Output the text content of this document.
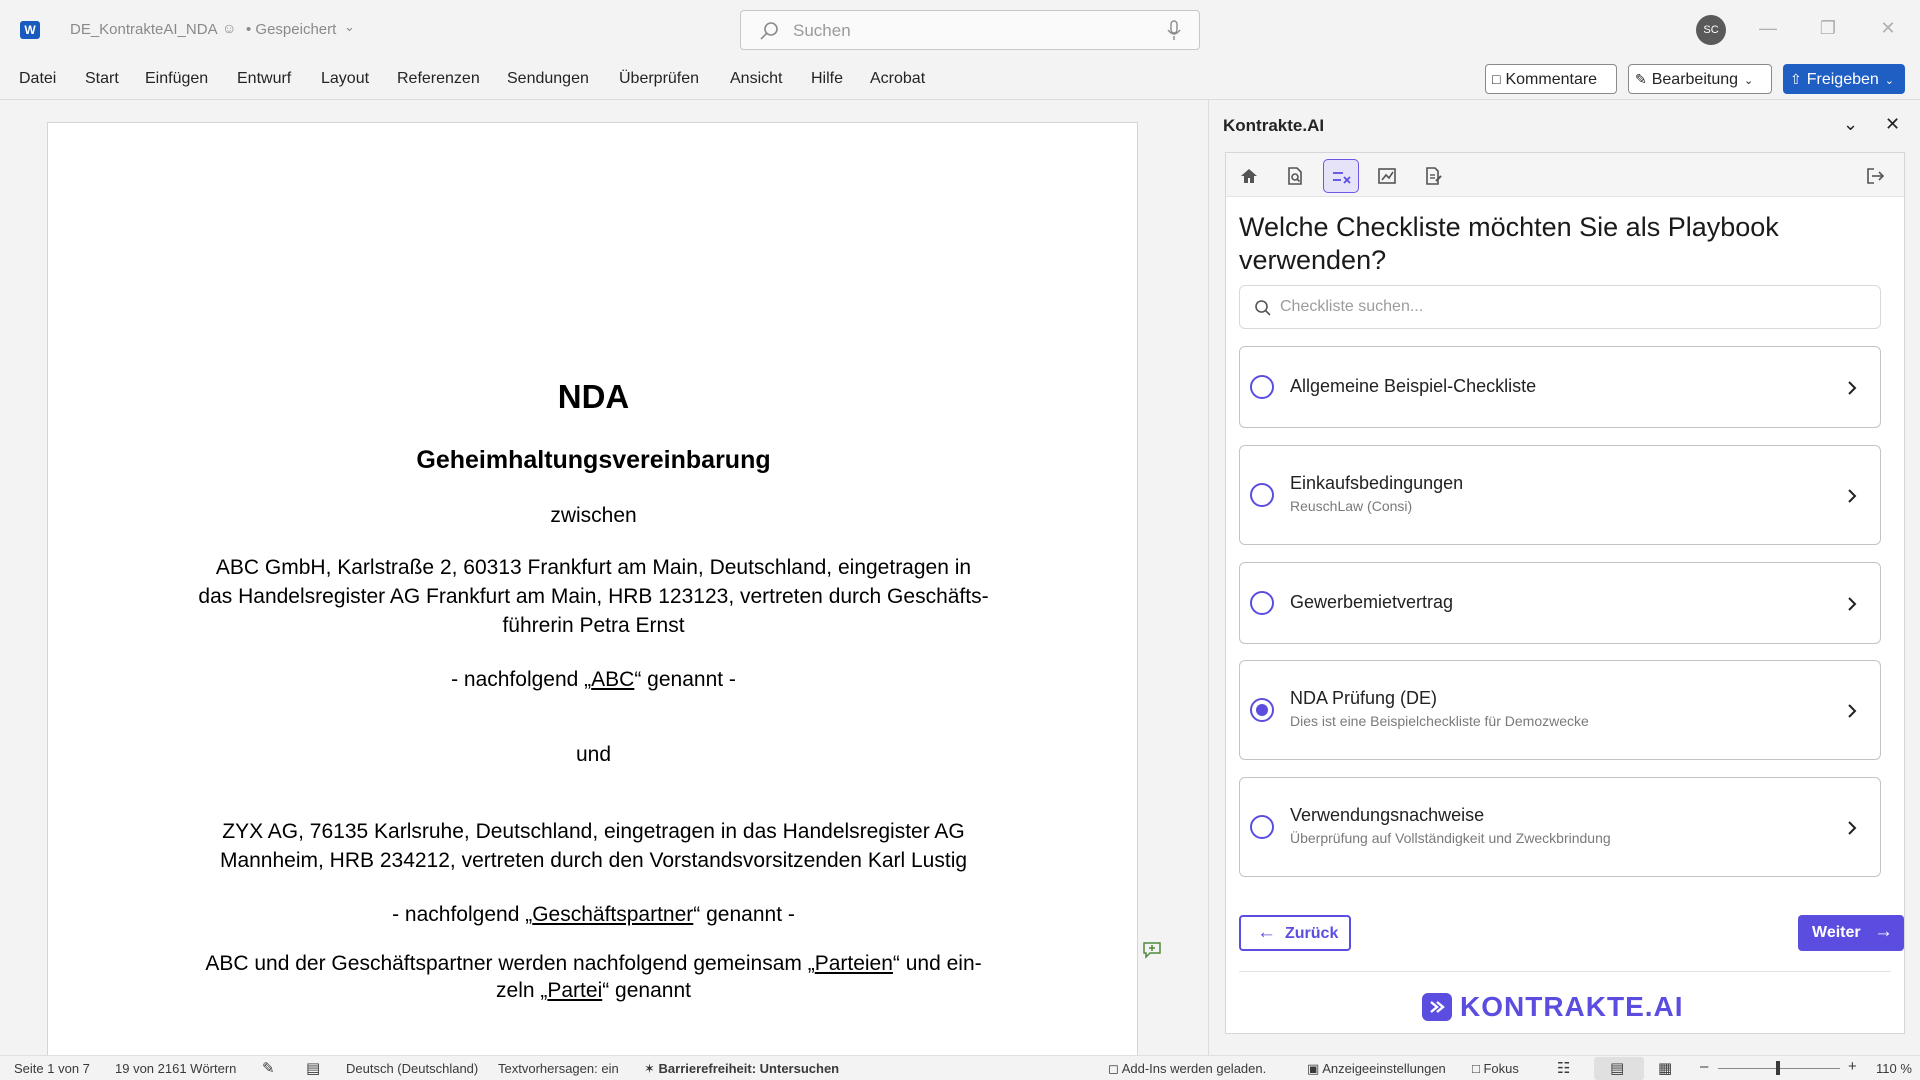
W DE_KontrakteAI_NDA ☺ • Gespeichert ⌄	Suchen	SC	— ❐ ✕
Datei Start Einfügen Entwurf Layout Referenzen Sendungen Überprüfen Ansicht Hilfe Acrobat	□ Kommentare	✎ Bearbeitung ⌄	⇧ Freigeben ⌄
NDA
Geheimhaltungsvereinbarung
zwischen
ABC GmbH, Karlstraße 2, 60313 Frankfurt am Main, Deutschland, eingetragen in
das Handelsregister AG Frankfurt am Main, HRB 123123, vertreten durch Geschäfts-
führerin Petra Ernst
- nachfolgend „ABC“ genannt -
und
ZYX AG, 76135 Karlsruhe, Deutschland, eingetragen in das Handelsregister AG
Mannheim, HRB 234212, vertreten durch den Vorstandsvorsitzenden Karl Lustig
- nachfolgend „Geschäftspartner“ genannt -
ABC und der Geschäftspartner werden nachfolgend gemeinsam „Parteien“ und ein-
zeln „Partei“ genannt
Kontrakte.AI	⌄ ✕
Welche Checkliste möchten Sie als Playbook verwenden?
Checkliste suchen...
Allgemeine Beispiel-Checkliste
Einkaufsbedingungen
ReuschLaw (Consi)
Gewerbemietvertrag
NDA Prüfung (DE)
Dies ist eine Beispielcheckliste für Demozwecke
Verwendungsnachweise
Überprüfung auf Vollständigkeit und Zweckbrindung
← Zurück	Weiter →
KONTRAKTE.AI
Seite 1 von 7 19 von 2161 Wörtern ✎ ▤ Deutsch (Deutschland) Textvorhersagen: ein ✶ Barrierefreiheit: Untersuchen	◻ Add-Ins werden geladen.	▣ Anzeigeeinstellungen □ Fokus	☷	▤ ▦ –	+ 110 %
